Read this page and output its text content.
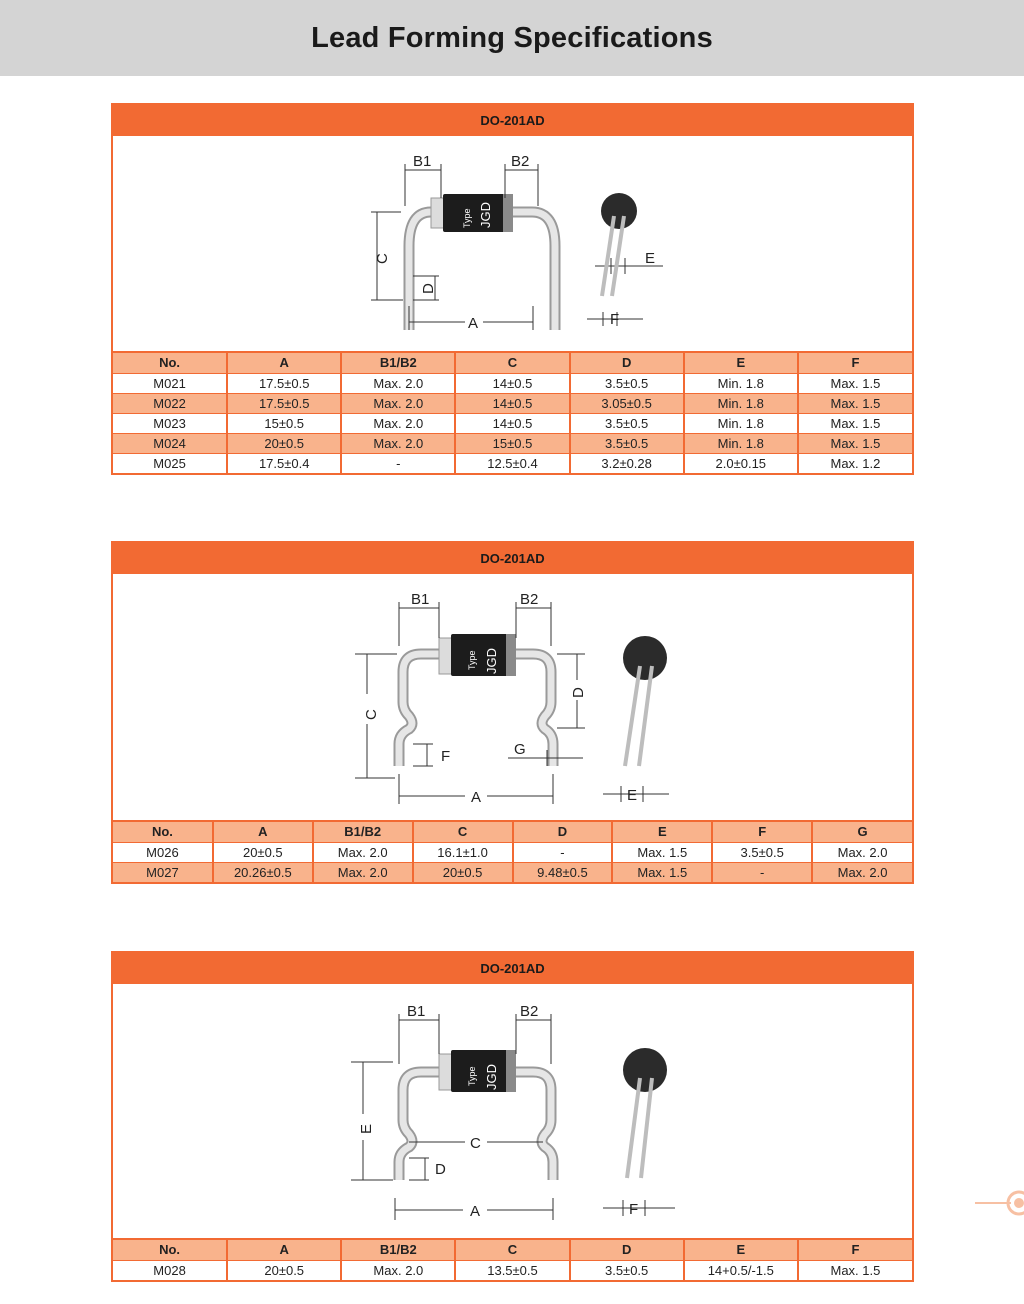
Lead Forming Specifications
DO-201AD
Type JGD
B1	B2
C
D
A
E
F
No.	A	B1/B2	C	D	E	F
M021	17.5±0.5	Max. 2.0	14±0.5	3.5±0.5	Min. 1.8	Max. 1.5
M022	17.5±0.5	Max. 2.0	14±0.5	3.05±0.5	Min. 1.8	Max. 1.5
M023	15±0.5	Max. 2.0	14±0.5	3.5±0.5	Min. 1.8	Max. 1.5
M024	20±0.5	Max. 2.0	15±0.5	3.5±0.5	Min. 1.8	Max. 1.5
M025	17.5±0.4	-	12.5±0.4	3.2±0.28	2.0±0.15	Max. 1.2
DO-201AD
Type JGD
B1	B2
C
D
F	G
A	E
No.	A	B1/B2	C	D	E	F	G
M026	20±0.5	Max. 2.0	16.1±1.0	-	Max. 1.5	3.5±0.5	Max. 2.0
M027	20.26±0.5	Max. 2.0	20±0.5	9.48±0.5	Max. 1.5	-	Max. 2.0
DO-201AD
Type JGD
B1	B2
E
C
D
A	F
No.	A	B1/B2	C	D	E	F
M028	20±0.5	Max. 2.0	13.5±0.5	3.5±0.5	14+0.5/-1.5	Max. 1.5
